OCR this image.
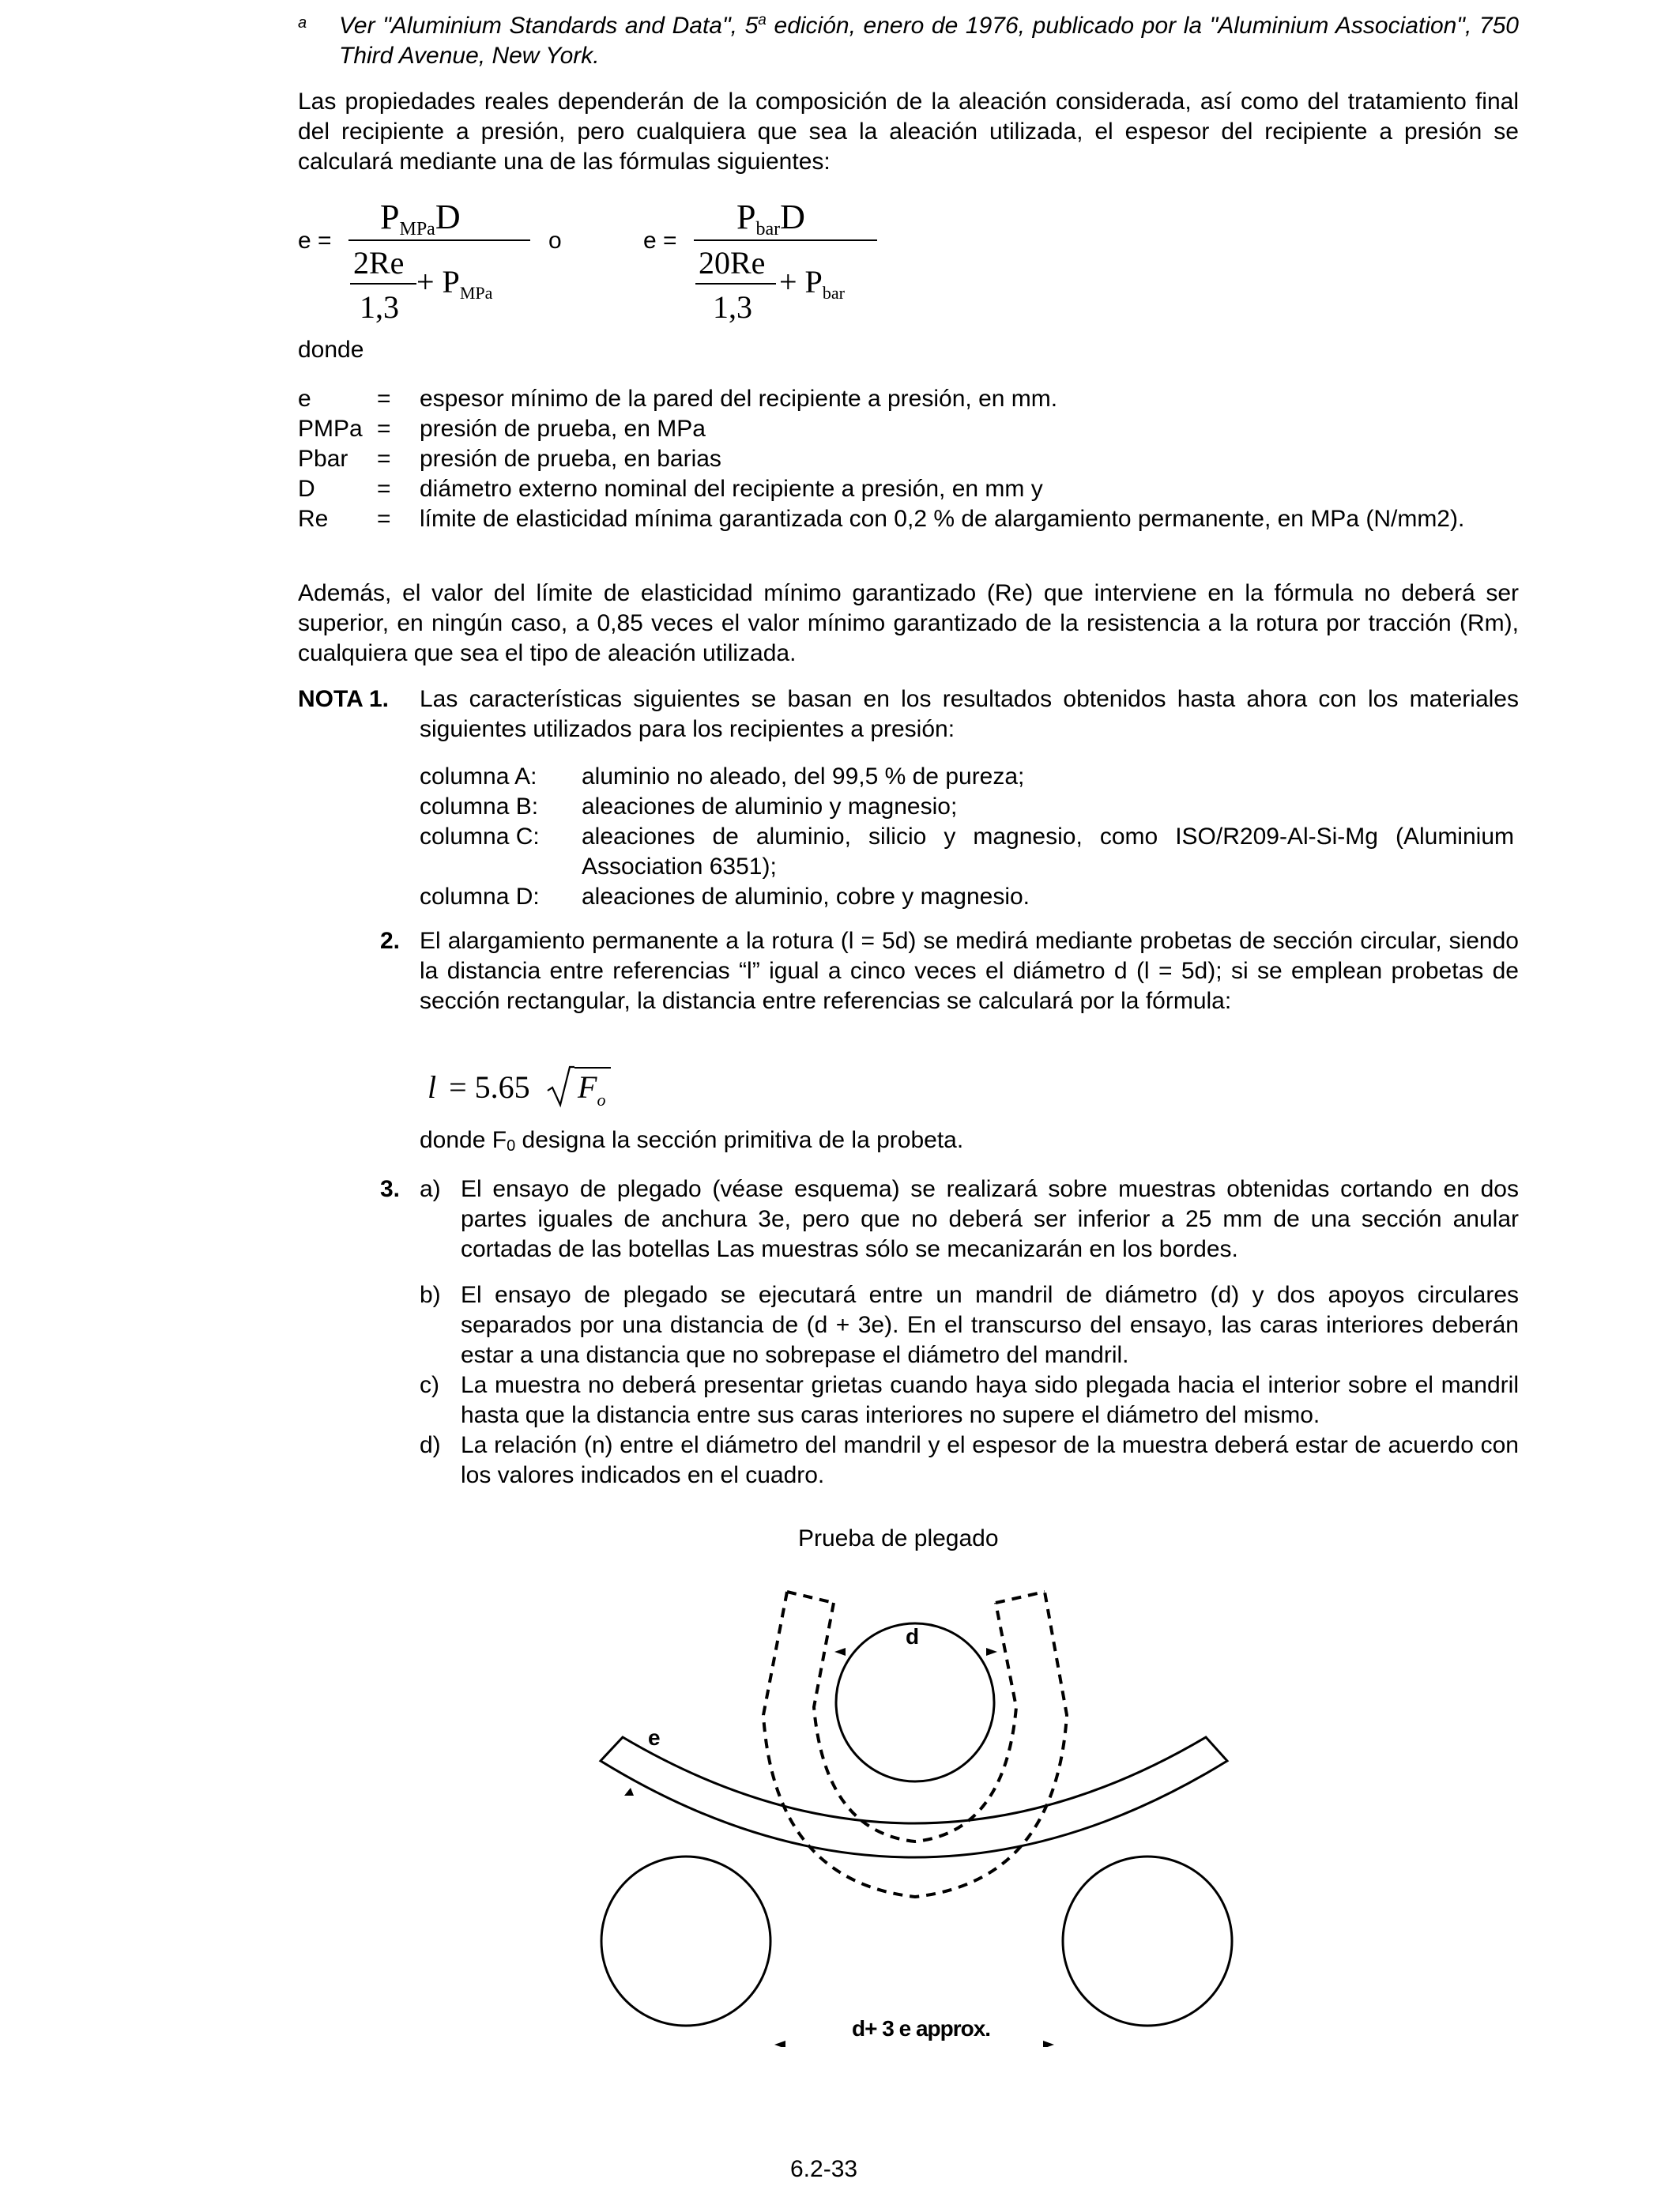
a Ver "Aluminium Standards and Data", 5$^a$ edición, enero de 1976, publicado por la "Aluminium Association", 750 Third Avenue, New York.
Las propiedades reales dependerán de la composición de la aleación considerada, así como del tratamiento final del recipiente a presión, pero cualquiera que sea la aleación utilizada, el espesor del recipiente a presión se calculará mediante una de las fórmulas siguientes:
e =
PMPaD
2Re
1,3
+ $P_{MPa}$
o	e =
PbarD
20Re
1,3
+ $P_{bar}$
donde
e	= espesor mínimo de la pared del recipiente a presión, en mm.
PMPa = presión de prueba, en MPa
Pbar	= presión de prueba, en barias
D	= diámetro externo nominal del recipiente a presión, en mm y
Re	= límite de elasticidad mínima garantizada con 0,2 % de alargamiento permanente, en MPa (N/mm2).
Además, el valor del límite de elasticidad mínimo garantizado (Re) que interviene en la fórmula no deberá ser superior, en ningún caso, a 0,85 veces el valor mínimo garantizado de la resistencia a la rotura por tracción (Rm), cualquiera que sea el tipo de aleación utilizada.
NOTA 1. Las características siguientes se basan en los resultados obtenidos hasta ahora con los materiales siguientes utilizados para los recipientes a presión:
columna A:	aluminio no aleado, del 99,5 % de pureza;
columna B:	aleaciones de aluminio y magnesio;
columna C:	aleaciones de aluminio, silicio y magnesio, como ISO/R209-Al-Si-Mg (Aluminium Association 6351);
columna D:	aleaciones de aluminio, cobre y magnesio.
2. El alargamiento permanente a la rotura (l = 5d) se medirá mediante probetas de sección circular, siendo la distancia entre referencias “l” igual a cinco veces el diámetro d (l = 5d); si se emplean probetas de sección rectangular, la distancia entre referencias se calculará por la fórmula:
l = 5.65 $F_o$
donde F0 designa la sección primitiva de la probeta.
3. a) El ensayo de plegado (véase esquema) se realizará sobre muestras obtenidas cortando en dos partes iguales de anchura 3e, pero que no deberá ser inferior a 25 mm de una sección anular cortadas de las botellas Las muestras sólo se mecanizarán en los bordes.
b) El ensayo de plegado se ejecutará entre un mandril de diámetro (d) y dos apoyos circulares separados por una distancia de (d + 3e). En el transcurso del ensayo, las caras interiores deberán estar a una distancia que no sobrepase el diámetro del mandril.
c) La muestra no deberá presentar grietas cuando haya sido plegada hacia el interior sobre el mandril hasta que la distancia entre sus caras interiores no supere el diámetro del mismo.
d) La relación (n) entre el diámetro del mandril y el espesor de la muestra deberá estar de acuerdo con los valores indicados en el cuadro.
Prueba de plegado
d
e
d+ 3 e approx.
6.2-33
